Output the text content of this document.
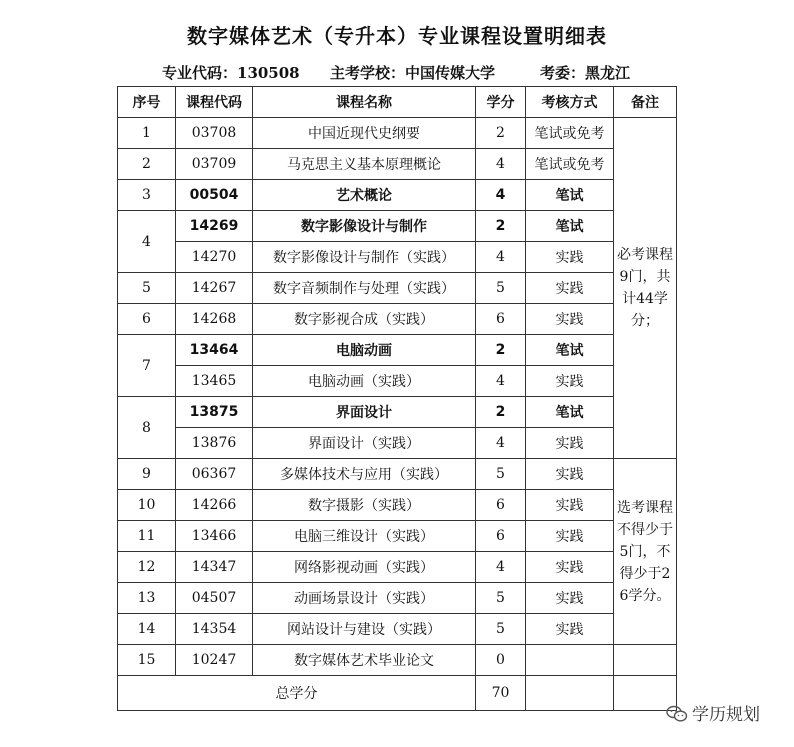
数字媒体艺术（专升本）专业课程设置明细表
专业代码：130508 主考学校：中国传媒大学	考委：黑龙江
序号	课程代码	课程名称	学分	考核方式	备注
1	03708	中国近现代史纲要	2	笔试或免考	必考课程9门，共计44学分；
2	03709	马克思主义基本原理概论	4	笔试或免考	
3	00504	艺术概论	4	笔试	
4	14269	数字影像设计与制作	2	笔试	
	14270	数字影像设计与制作（实践）	4	实践	
5	14267	数字音频制作与处理（实践）	5	实践	
6	14268	数字影视合成（实践）	6	实践	
7	13464	电脑动画	2	笔试	
	13465	电脑动画（实践）	4	实践	
8	13875	界面设计	2	笔试	
	13876	界面设计（实践）	4	实践	
9	06367	多媒体技术与应用（实践）	5	实践	选考课程不得少于5门，不得少于26学分。
10	14266	数字摄影（实践）	6	实践	
11	13466	电脑三维设计（实践）	6	实践	
12	14347	网络影视动画（实践）	4	实践	
13	04507	动画场景设计（实践）	5	实践	
14	14354	网站设计与建设（实践）	5	实践	
15	10247	数字媒体艺术毕业论文	0		
总学分			70		
学历规划
